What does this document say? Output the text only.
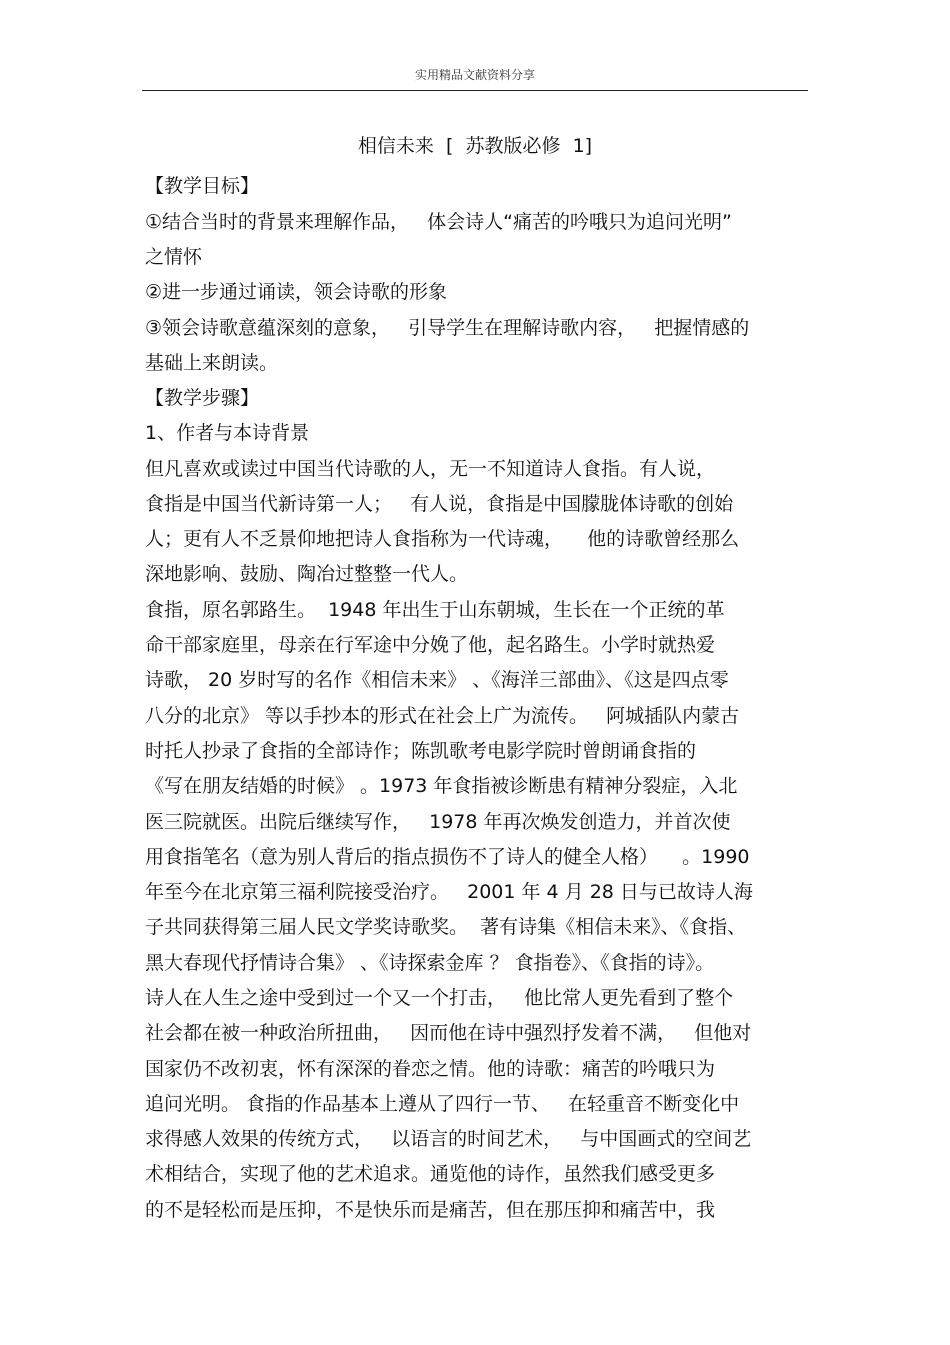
实用精品文献资料分享
相信未来  [  苏教版必修  1]
【教学目标】
①结合当时的背景来理解作品，   体会诗人“痛苦的吟哦只为追问光明”
之情怀
②进一步通过诵读，领会诗歌的形象
③领会诗歌意蕴深刻的意象，   引导学生在理解诗歌内容，   把握情感的
基础上来朗读。
【教学步骤】
1、作者与本诗背景
但凡喜欢或读过中国当代诗歌的人，无一不知道诗人食指。有人说，
食指是中国当代新诗第一人；   有人说，食指是中国朦胧体诗歌的创始
人；更有人不乏景仰地把诗人食指称为一代诗魂，    他的诗歌曾经那么
深地影响、鼓励、陶冶过整整一代人。
食指，原名郭路生。  1948 年出生于山东朝城，生长在一个正统的革
命干部家庭里，母亲在行军途中分娩了他，起名路生。小学时就热爱
诗歌， 20 岁时写的名作《相信未来》 、《海洋三部曲》、《这是四点零
八分的北京》 等以手抄本的形式在社会上广为流传。   阿城插队内蒙古
时托人抄录了食指的全部诗作；陈凯歌考电影学院时曾朗诵食指的
《写在朋友结婚的时候》 。1973 年食指被诊断患有精神分裂症，入北
医三院就医。出院后继续写作，   1978 年再次焕发创造力，并首次使
用食指笔名（意为别人背后的指点损伤不了诗人的健全人格）    。1990
年至今在北京第三福利院接受治疗。   2001 年 4 月 28 日与已故诗人海
子共同获得第三届人民文学奖诗歌奖。  著有诗集《相信未来》、《食指、
黑大春现代抒情诗合集》 、《诗探索金库 ？ 食指卷》、《食指的诗》。
诗人在人生之途中受到过一个又一个打击，   他比常人更先看到了整个
社会都在被一种政治所扭曲，   因而他在诗中强烈抒发着不满，   但他对
国家仍不改初衷，怀有深深的眷恋之情。他的诗歌：痛苦的吟哦只为
追问光明。 食指的作品基本上遵从了四行一节、   在轻重音不断变化中
求得感人效果的传统方式，   以语言的时间艺术，   与中国画式的空间艺
术相结合，实现了他的艺术追求。通览他的诗作，虽然我们感受更多
的不是轻松而是压抑，不是快乐而是痛苦，但在那压抑和痛苦中，我
